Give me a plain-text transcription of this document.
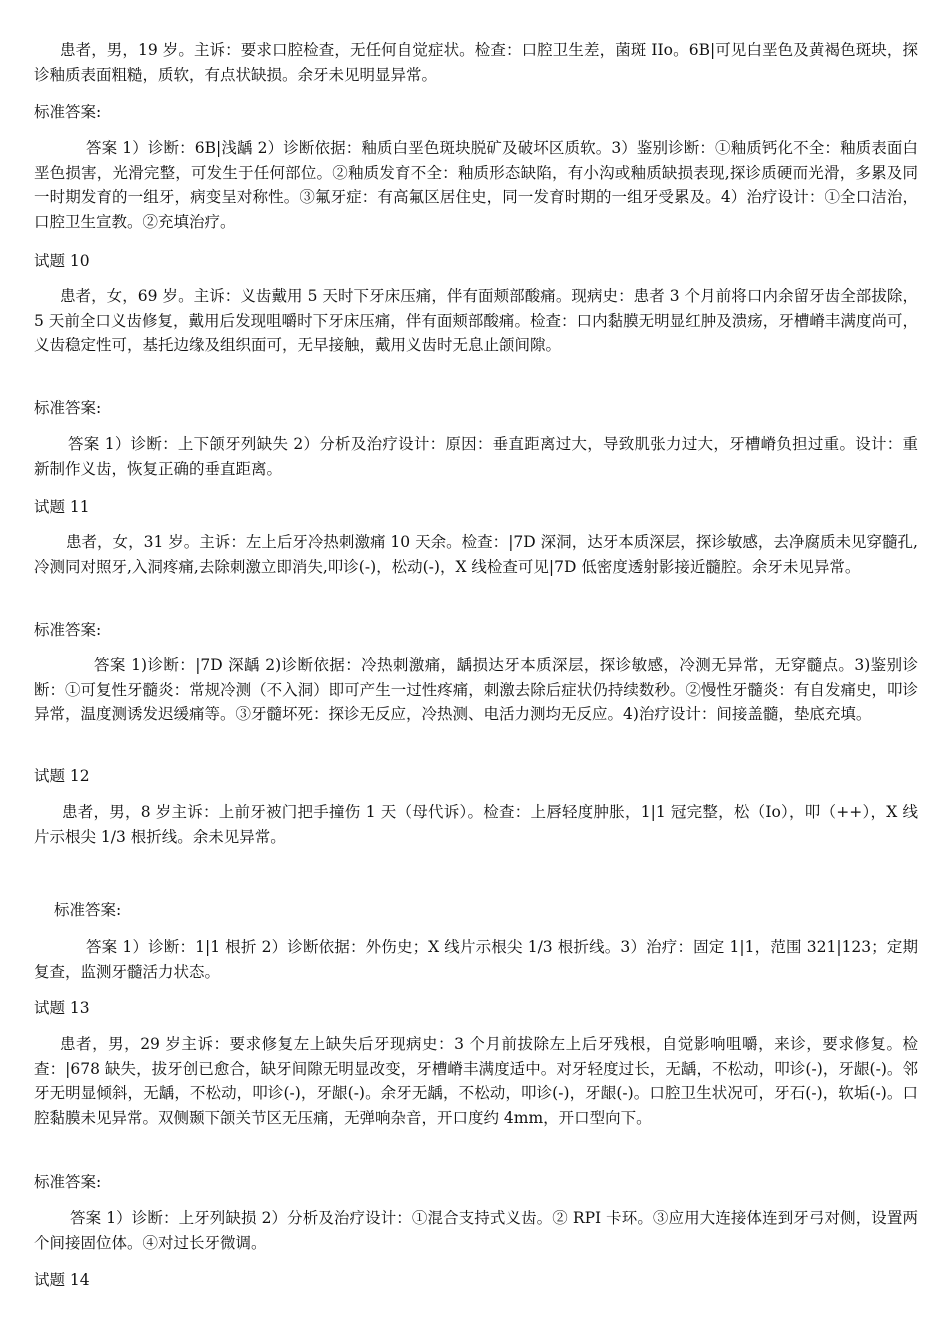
患者，男，19 岁。主诉：要求口腔检查，无任何自觉症状。检查：口腔卫生差，菌斑 IIo。6B|可见白垩色及黄褐色斑块，探诊釉质表面粗糙，质软，有点状缺损。余牙未见明显异常。

标准答案:

答案 1）诊断：6B|浅龋 2）诊断依据：釉质白垩色斑块脱矿及破坏区质软。3）鉴别诊断：①釉质钙化不全：釉质表面白垩色损害，光滑完整，可发生于任何部位。②釉质发育不全：釉质形态缺陷，有小沟或釉质缺损表现,探诊质硬而光滑，多累及同一时期发育的一组牙，病变呈对称性。③氟牙症：有高氟区居住史，同一发育时期的一组牙受累及。4）治疗设计：①全口洁治，口腔卫生宣教。②充填治疗。

试题 10

患者，女，69 岁。主诉：义齿戴用 5 天时下牙床压痛，伴有面颊部酸痛。现病史：患者 3 个月前将口内余留牙齿全部拔除，5 天前全口义齿修复，戴用后发现咀嚼时下牙床压痛，伴有面颊部酸痛。检查：口内黏膜无明显红肿及溃疡，牙槽嵴丰满度尚可，义齿稳定性可，基托边缘及组织面可，无早接触，戴用义齿时无息止颌间隙。

标准答案:

答案 1）诊断：上下颌牙列缺失 2）分析及治疗设计：原因：垂直距离过大，导致肌张力过大，牙槽嵴负担过重。设计：重新制作义齿，恢复正确的垂直距离。

试题 11

患者，女，31 岁。主诉：左上后牙冷热刺激痛 10 天余。检查：|7D 深洞，达牙本质深层，探诊敏感，去净腐质未见穿髓孔,冷测同对照牙,入洞疼痛,去除刺激立即消失,叩诊(-)，松动(-)，X 线检查可见|7D 低密度透射影接近髓腔。余牙未见异常。

标准答案:

答案 1)诊断：|7D 深龋 2)诊断依据：冷热刺激痛，龋损达牙本质深层，探诊敏感，冷测无异常，无穿髓点。3)鉴别诊断：①可复性牙髓炎：常规冷测（不入洞）即可产生一过性疼痛，刺激去除后症状仍持续数秒。②慢性牙髓炎：有自发痛史，叩诊异常，温度测诱发迟缓痛等。③牙髓坏死：探诊无反应，冷热测、电活力测均无反应。4)治疗设计：间接盖髓，垫底充填。

试题 12

患者，男，8 岁主诉：上前牙被门把手撞伤 1 天（母代诉）。检查：上唇轻度肿胀，1|1 冠完整，松（Io），叩（++），X 线片示根尖 1/3 根折线。余未见异常。

标准答案:

答案 1）诊断：1|1 根折 2）诊断依据：外伤史；X 线片示根尖 1/3 根折线。3）治疗：固定 1|1，范围 321|123；定期复查，监测牙髓活力状态。

试题 13

患者，男，29 岁主诉：要求修复左上缺失后牙现病史：3 个月前拔除左上后牙残根，自觉影响咀嚼，来诊，要求修复。检查：|678 缺失，拔牙创已愈合，缺牙间隙无明显改变，牙槽嵴丰满度适中。对牙轻度过长，无龋，不松动，叩诊(-)，牙龈(-)。邻牙无明显倾斜，无龋，不松动，叩诊(-)，牙龈(-)。余牙无龋，不松动，叩诊(-)，牙龈(-)。口腔卫生状况可，牙石(-)，软垢(-)。口腔黏膜未见异常。双侧颞下颌关节区无压痛，无弹响杂音，开口度约 4mm，开口型向下。

标准答案:

答案 1）诊断：上牙列缺损 2）分析及治疗设计：①混合支持式义齿。② RPI 卡环。③应用大连接体连到牙弓对侧，设置两个间接固位体。④对过长牙微调。

试题 14
